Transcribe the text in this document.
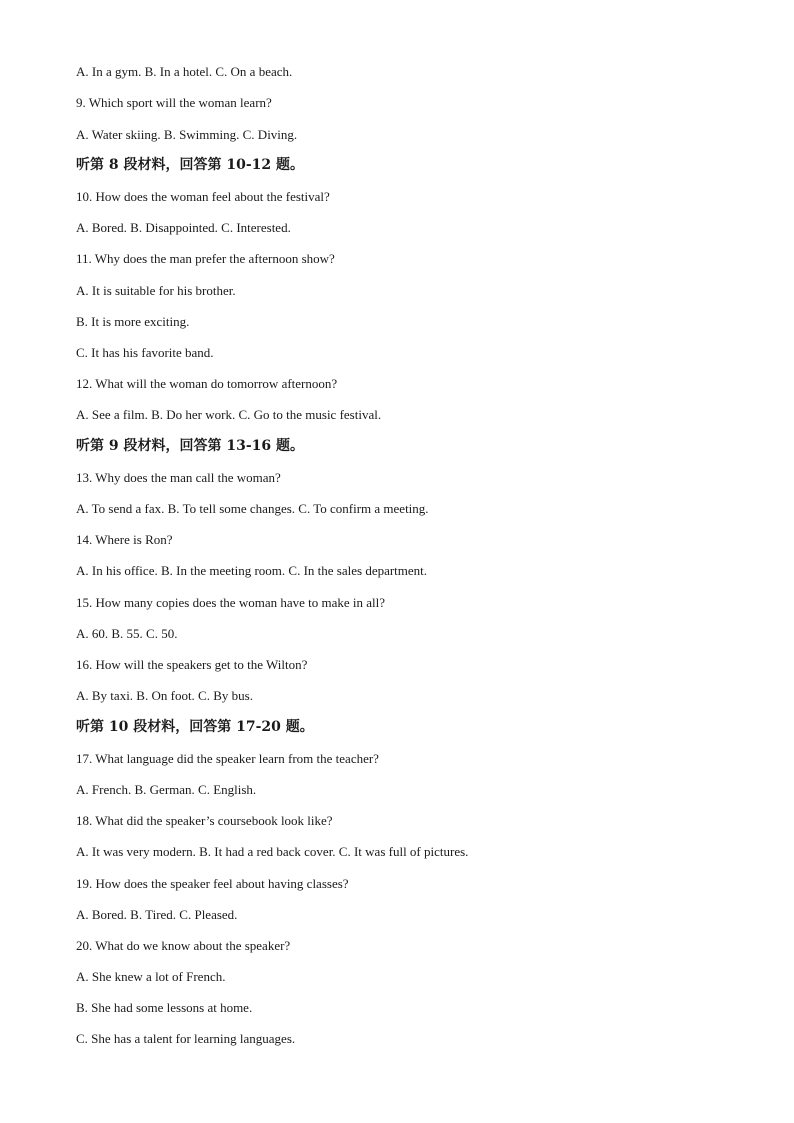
A. In a gym. B. In a hotel. C. On a beach.
9. Which sport will the woman learn?
A. Water skiing. B. Swimming. C. Diving.
听第 8 段材料，回答第 10-12 题。
10. How does the woman feel about the festival?
A. Bored. B. Disappointed. C. Interested.
11. Why does the man prefer the afternoon show?
A. It is suitable for his brother.
B. It is more exciting.
C. It has his favorite band.
12. What will the woman do tomorrow afternoon?
A. See a film. B. Do her work. C. Go to the music festival.
听第 9 段材料，回答第 13-16 题。
13. Why does the man call the woman?
A. To send a fax. B. To tell some changes. C. To confirm a meeting.
14. Where is Ron?
A. In his office. B. In the meeting room. C. In the sales department.
15. How many copies does the woman have to make in all?
A. 60. B. 55. C. 50.
16. How will the speakers get to the Wilton?
A. By taxi. B. On foot. C. By bus.
听第 10 段材料，回答第 17-20 题。
17. What language did the speaker learn from the teacher?
A. French. B. German. C. English.
18. What did the speaker’s coursebook look like?
A. It was very modern. B. It had a red back cover. C. It was full of pictures.
19. How does the speaker feel about having classes?
A. Bored. B. Tired. C. Pleased.
20. What do we know about the speaker?
A. She knew a lot of French.
B. She had some lessons at home.
C. She has a talent for learning languages.
